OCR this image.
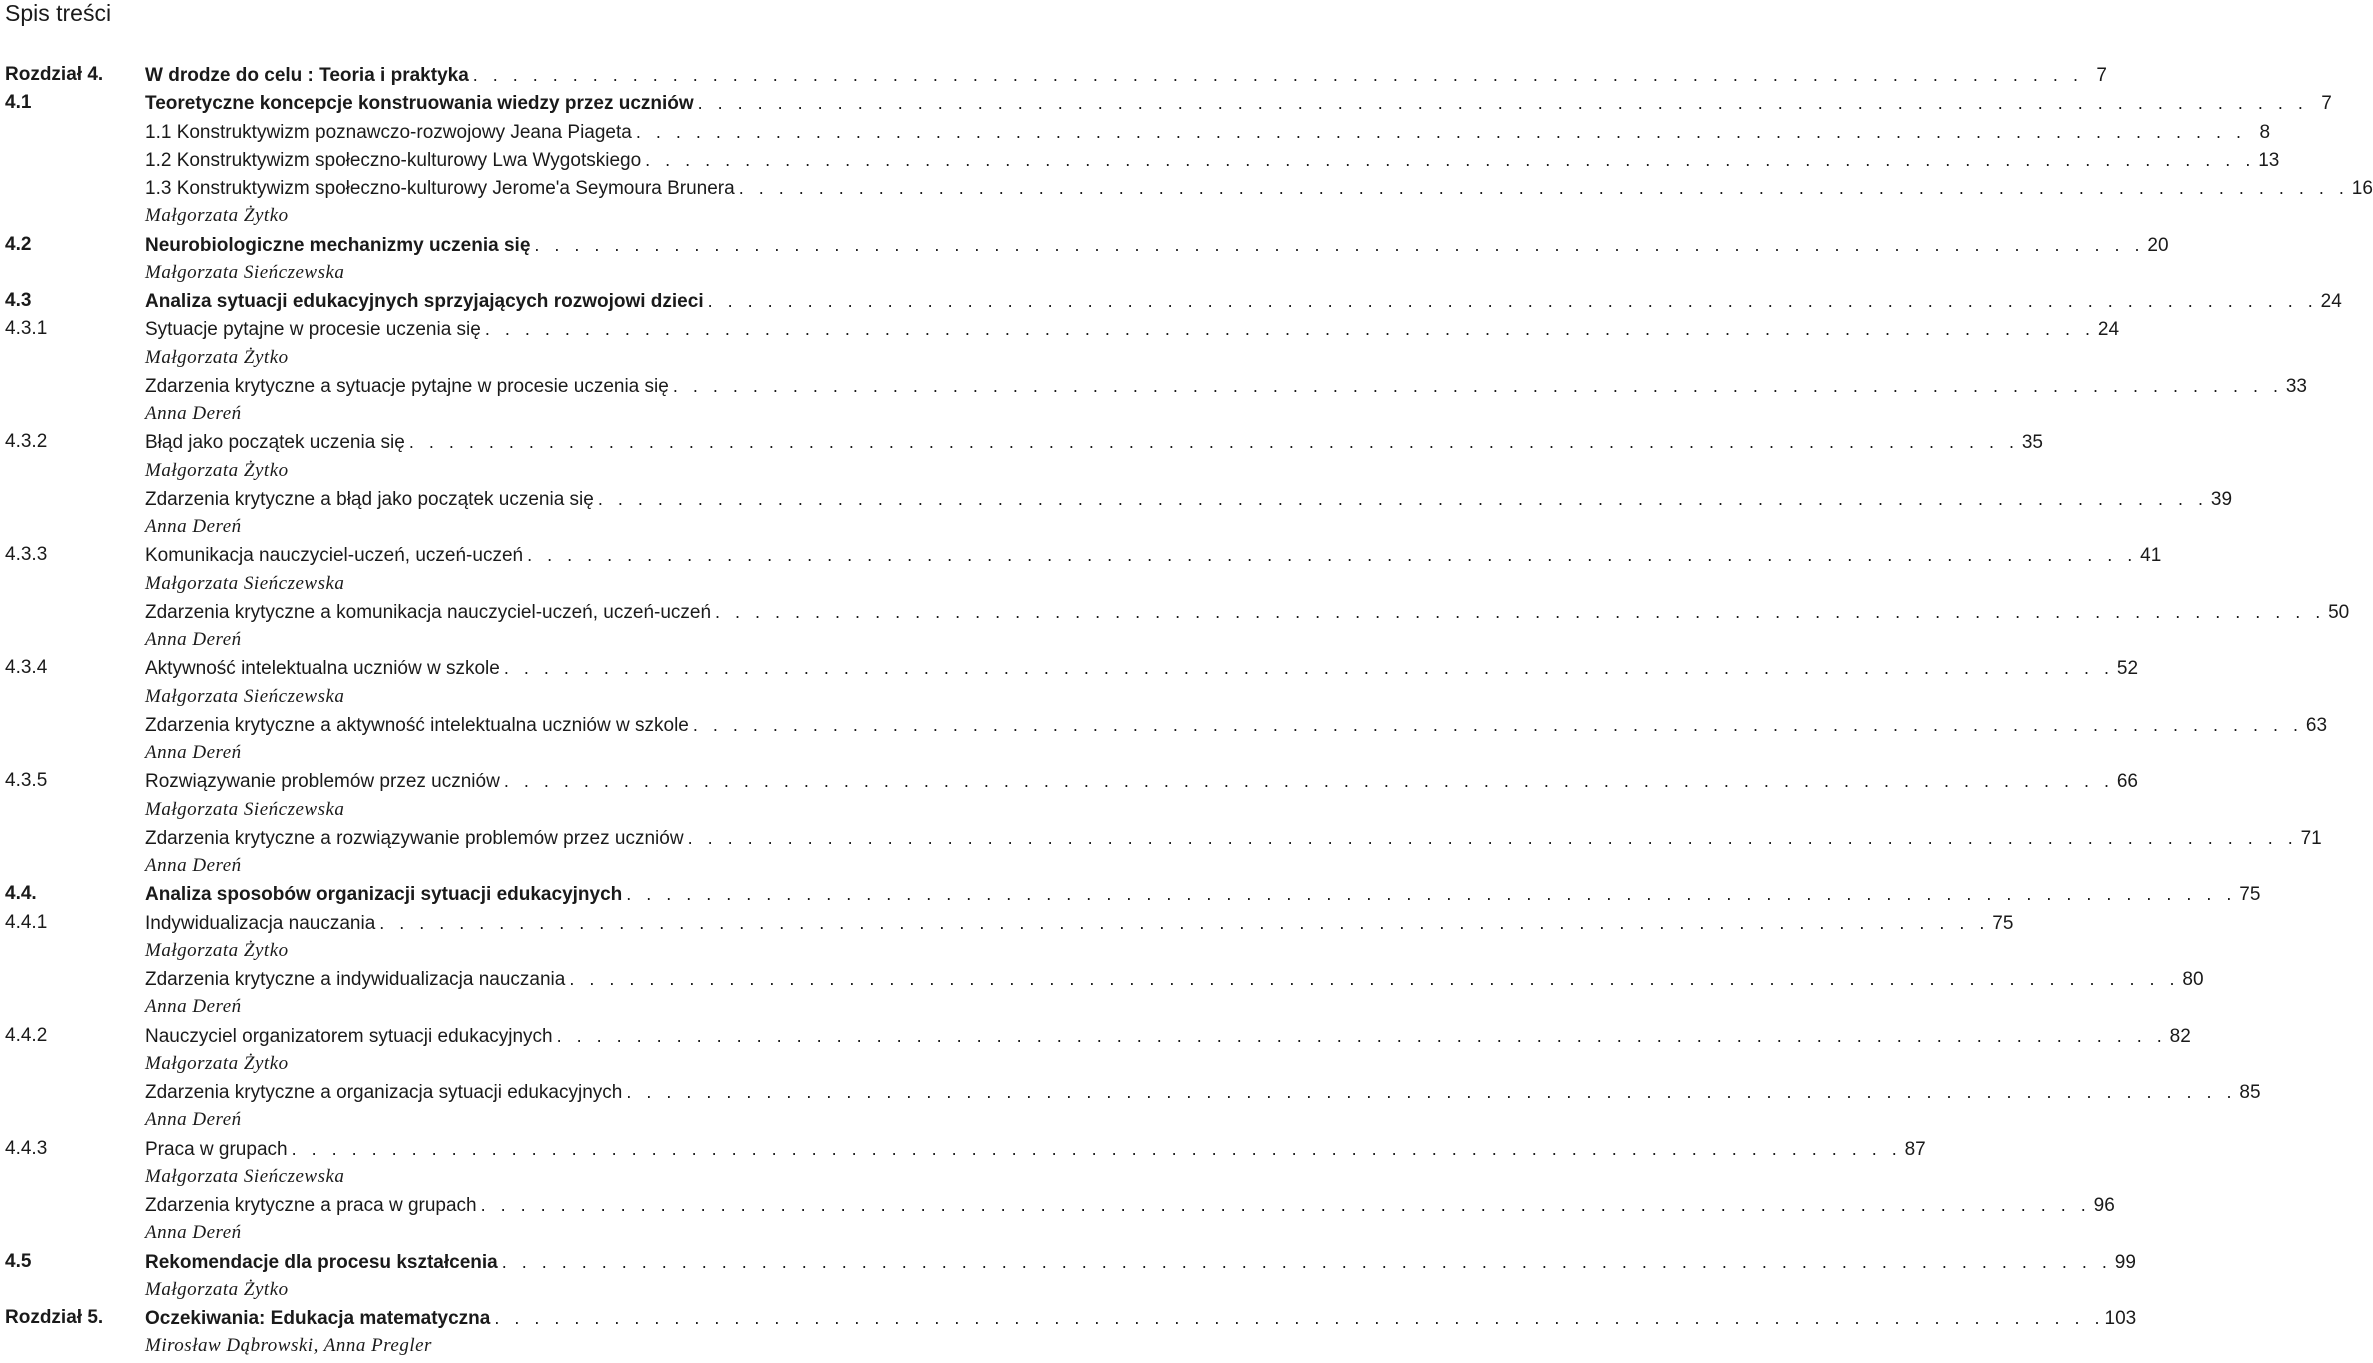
Spis treści
Rozdział 4. W drodze do celu : Teoria i praktyka . . . . . . . . . . . . . . . . . . . . . . . . . . . . . . . . . . . . . . . . . . . . . . . . . . . . . . . . . . . . . . . . . . . . . . . . . . . . . . . . . 7
4.1	Teoretyczne koncepcje konstruowania wiedzy przez uczniów . . . . . . . . . . . . . . . . . . . . . . . . . . . . . . . . . . . . . . . . . . . . . . . . . . . . . . . . . . . . . . . . . . . . . . . . . . . . . . . . . 7
1.1 Konstruktywizm poznawczo-rozwojowy Jeana Piageta . . . . . . . . . . . . . . . . . . . . . . . . . . . . . . . . . . . . . . . . . . . . . . . . . . . . . . . . . . . . . . . . . . . . . . . . . . . . . . . . . 8
1.2 Konstruktywizm społeczno-kulturowy Lwa Wygotskiego . . . . . . . . . . . . . . . . . . . . . . . . . . . . . . . . . . . . . . . . . . . . . . . . . . . . . . . . . . . . . . . . . . . . . . . . . . . . . . . . . 13
1.3 Konstruktywizm społeczno-kulturowy Jerome'a Seymoura Brunera . . . . . . . . . . . . . . . . . . . . . . . . . . . . . . . . . . . . . . . . . . . . . . . . . . . . . . . . . . . . . . . . . . . . . . . . . . . . . . . . . 16
Małgorzata Żytko
4.2	Neurobiologiczne mechanizmy uczenia się . . . . . . . . . . . . . . . . . . . . . . . . . . . . . . . . . . . . . . . . . . . . . . . . . . . . . . . . . . . . . . . . . . . . . . . . . . . . . . . . . 20
Małgorzata Sieńczewska
4.3	Analiza sytuacji edukacyjnych sprzyjających rozwojowi dzieci . . . . . . . . . . . . . . . . . . . . . . . . . . . . . . . . . . . . . . . . . . . . . . . . . . . . . . . . . . . . . . . . . . . . . . . . . . . . . . . . . 24
4.3.1	Sytuacje pytajne w procesie uczenia się . . . . . . . . . . . . . . . . . . . . . . . . . . . . . . . . . . . . . . . . . . . . . . . . . . . . . . . . . . . . . . . . . . . . . . . . . . . . . . . . . 24
Małgorzata Żytko
Zdarzenia krytyczne a sytuacje pytajne w procesie uczenia się . . . . . . . . . . . . . . . . . . . . . . . . . . . . . . . . . . . . . . . . . . . . . . . . . . . . . . . . . . . . . . . . . . . . . . . . . . . . . . . . . 33
Anna Dereń
4.3.2	Błąd jako początek uczenia się . . . . . . . . . . . . . . . . . . . . . . . . . . . . . . . . . . . . . . . . . . . . . . . . . . . . . . . . . . . . . . . . . . . . . . . . . . . . . . . . . 35
Małgorzata Żytko
Zdarzenia krytyczne a błąd jako początek uczenia się . . . . . . . . . . . . . . . . . . . . . . . . . . . . . . . . . . . . . . . . . . . . . . . . . . . . . . . . . . . . . . . . . . . . . . . . . . . . . . . . . 39
Anna Dereń
4.3.3	Komunikacja nauczyciel-uczeń, uczeń-uczeń . . . . . . . . . . . . . . . . . . . . . . . . . . . . . . . . . . . . . . . . . . . . . . . . . . . . . . . . . . . . . . . . . . . . . . . . . . . . . . . . . 41
Małgorzata Sieńczewska
Zdarzenia krytyczne a komunikacja nauczyciel-uczeń, uczeń-uczeń . . . . . . . . . . . . . . . . . . . . . . . . . . . . . . . . . . . . . . . . . . . . . . . . . . . . . . . . . . . . . . . . . . . . . . . . . . . . . . . . . 50
Anna Dereń
4.3.4	Aktywność intelektualna uczniów w szkole . . . . . . . . . . . . . . . . . . . . . . . . . . . . . . . . . . . . . . . . . . . . . . . . . . . . . . . . . . . . . . . . . . . . . . . . . . . . . . . . . 52
Małgorzata Sieńczewska
Zdarzenia krytyczne a aktywność intelektualna uczniów w szkole . . . . . . . . . . . . . . . . . . . . . . . . . . . . . . . . . . . . . . . . . . . . . . . . . . . . . . . . . . . . . . . . . . . . . . . . . . . . . . . . . 63
Anna Dereń
4.3.5	Rozwiązywanie problemów przez uczniów . . . . . . . . . . . . . . . . . . . . . . . . . . . . . . . . . . . . . . . . . . . . . . . . . . . . . . . . . . . . . . . . . . . . . . . . . . . . . . . . . 66
Małgorzata Sieńczewska
Zdarzenia krytyczne a rozwiązywanie problemów przez uczniów . . . . . . . . . . . . . . . . . . . . . . . . . . . . . . . . . . . . . . . . . . . . . . . . . . . . . . . . . . . . . . . . . . . . . . . . . . . . . . . . . 71
Anna Dereń
4.4.	Analiza sposobów organizacji sytuacji edukacyjnych . . . . . . . . . . . . . . . . . . . . . . . . . . . . . . . . . . . . . . . . . . . . . . . . . . . . . . . . . . . . . . . . . . . . . . . . . . . . . . . . . 75
4.4.1	Indywidualizacja nauczania . . . . . . . . . . . . . . . . . . . . . . . . . . . . . . . . . . . . . . . . . . . . . . . . . . . . . . . . . . . . . . . . . . . . . . . . . . . . . . . . . 75
Małgorzata Żytko
Zdarzenia krytyczne a indywidualizacja nauczania . . . . . . . . . . . . . . . . . . . . . . . . . . . . . . . . . . . . . . . . . . . . . . . . . . . . . . . . . . . . . . . . . . . . . . . . . . . . . . . . . 80
Anna Dereń
4.4.2	Nauczyciel organizatorem sytuacji edukacyjnych . . . . . . . . . . . . . . . . . . . . . . . . . . . . . . . . . . . . . . . . . . . . . . . . . . . . . . . . . . . . . . . . . . . . . . . . . . . . . . . . . 82
Małgorzata Żytko
Zdarzenia krytyczne a organizacja sytuacji edukacyjnych . . . . . . . . . . . . . . . . . . . . . . . . . . . . . . . . . . . . . . . . . . . . . . . . . . . . . . . . . . . . . . . . . . . . . . . . . . . . . . . . . 85
Anna Dereń
4.4.3	Praca w grupach . . . . . . . . . . . . . . . . . . . . . . . . . . . . . . . . . . . . . . . . . . . . . . . . . . . . . . . . . . . . . . . . . . . . . . . . . . . . . . . . . 87
Małgorzata Sieńczewska
Zdarzenia krytyczne a praca w grupach . . . . . . . . . . . . . . . . . . . . . . . . . . . . . . . . . . . . . . . . . . . . . . . . . . . . . . . . . . . . . . . . . . . . . . . . . . . . . . . . . 96
Anna Dereń
4.5	Rekomendacje dla procesu kształcenia . . . . . . . . . . . . . . . . . . . . . . . . . . . . . . . . . . . . . . . . . . . . . . . . . . . . . . . . . . . . . . . . . . . . . . . . . . . . . . . . . 99
Małgorzata Żytko
Rozdział 5. Oczekiwania: Edukacja matematyczna . . . . . . . . . . . . . . . . . . . . . . . . . . . . . . . . . . . . . . . . . . . . . . . . . . . . . . . . . . . . . . . . . . . . . . . . . . . . . . . . . 103
Mirosław Dąbrowski, Anna Pregler
